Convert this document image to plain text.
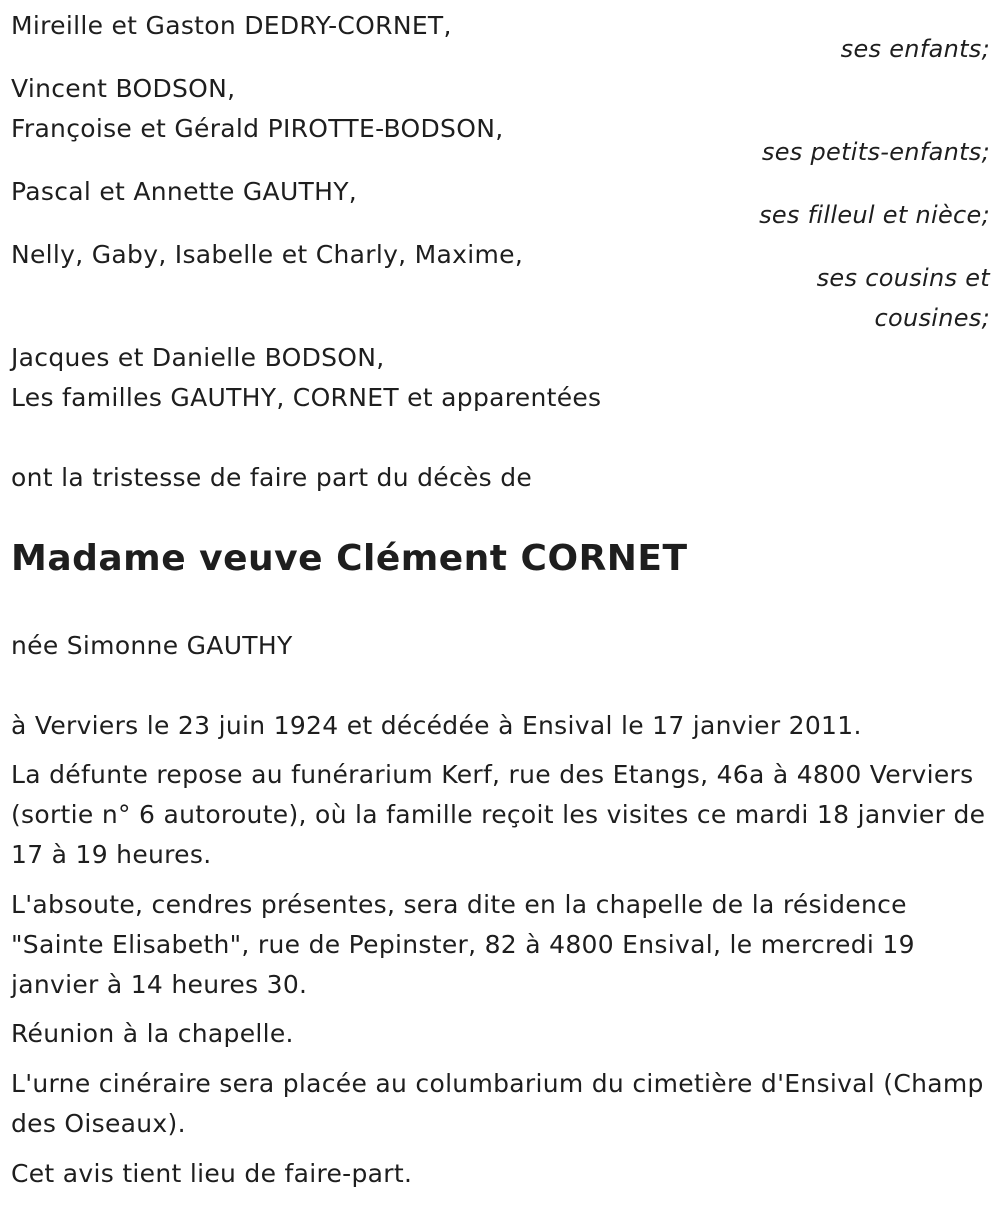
Mireille et Gaston DEDRY-CORNET,
ses enfants;
Vincent BODSON,
Françoise et Gérald PIROTTE-BODSON,
ses petits-enfants;
Pascal et Annette GAUTHY,
ses filleul et nièce;
Nelly, Gaby, Isabelle et Charly, Maxime,
ses cousins et
cousines;
Jacques et Danielle BODSON,
Les familles GAUTHY, CORNET et apparentées
ont la tristesse de faire part du décès de
Madame veuve Clément CORNET
née Simonne GAUTHY
à Verviers le 23 juin 1924 et décédée à Ensival le 17 janvier 2011.
La défunte repose au funérarium Kerf, rue des Etangs, 46a à 4800 Verviers (sortie n° 6 autoroute), où la famille reçoit les visites ce mardi 18 janvier de 17 à 19 heures.
L'absoute, cendres présentes, sera dite en la chapelle de la résidence "Sainte Elisabeth", rue de Pepinster, 82 à 4800 Ensival, le mercredi 19 janvier à 14 heures 30.
Réunion à la chapelle.
L'urne cinéraire sera placée au columbarium du cimetière d'Ensival (Champ des Oiseaux).
Cet avis tient lieu de faire-part.
